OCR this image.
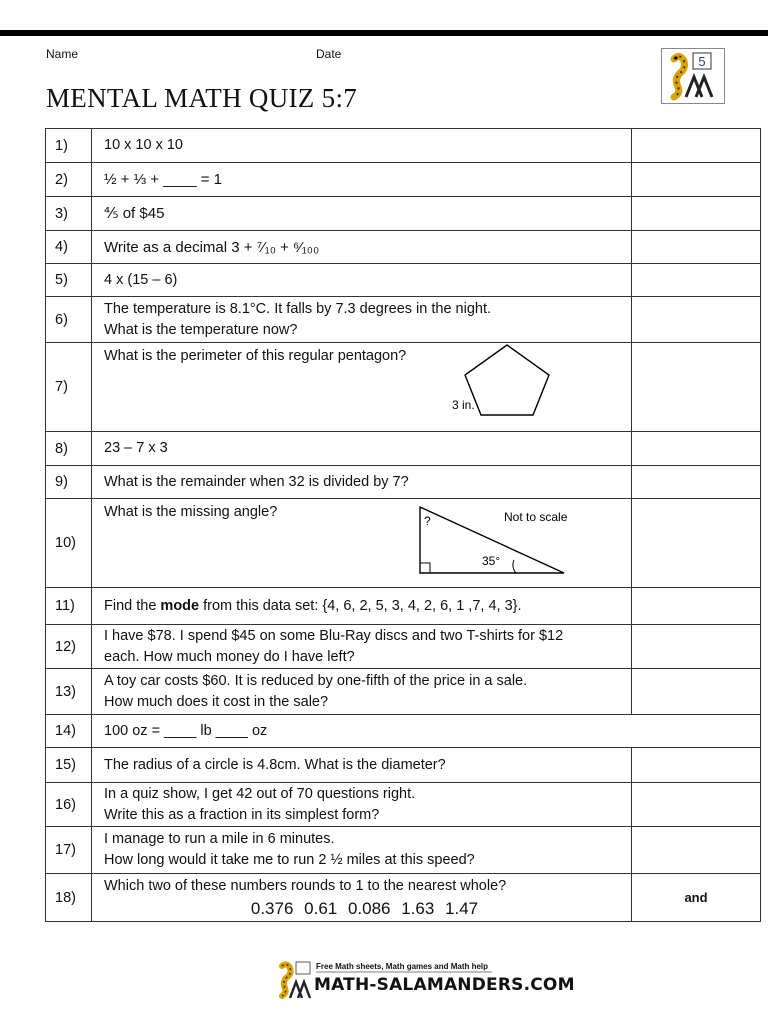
Name	Date
MENTAL MATH QUIZ 5:7
5
1)	10 x 10 x 10	
2)	½ + ⅓ + ____ = 1	
3)	⅘ of $45	
4)	Write as a decimal 3 + ⁷⁄₁₀ + ⁶⁄₁₀₀	
5)	4 x (15 – 6)	
6)	The temperature is 8.1°C. It falls by 7.3 degrees in the night.
What is the temperature now?	

7)	What is the perimeter of this regular pentagon?
3 in.	

8)	23 – 7 x 3	
9)	What is the remainder when 32 is divided by 7?	
10)	What is the missing angle?
?
35°
Not to scale	

11)	Find the mode from this data set: {4, 6, 2, 5, 3, 4, 2, 6, 1 ,7, 4, 3}.	
12)	I have $78. I spend $45 on some Blu-Ray discs and two T-shirts for $12
each. How much money do I have left?	

13)	A toy car costs $60. It is reduced by one-fifth of the price in a sale.
How much does it cost in the sale?	

14)	100 oz = ____ lb ____ oz	
15)	The radius of a circle is 4.8cm. What is the diameter?	
16)	In a quiz show, I get 42 out of 70 questions right.
Write this as a fraction in its simplest form?	

17)	I manage to run a mile in 6 minutes.
How long would it take me to run 2 ½ miles at this speed?	

18)	Which two of these numbers rounds to 1 to the nearest whole?
0.376 0.61 0.086 1.63 1.47	and
Free Math sheets, Math games and Math help
MATH-SALAMANDERS.COM
